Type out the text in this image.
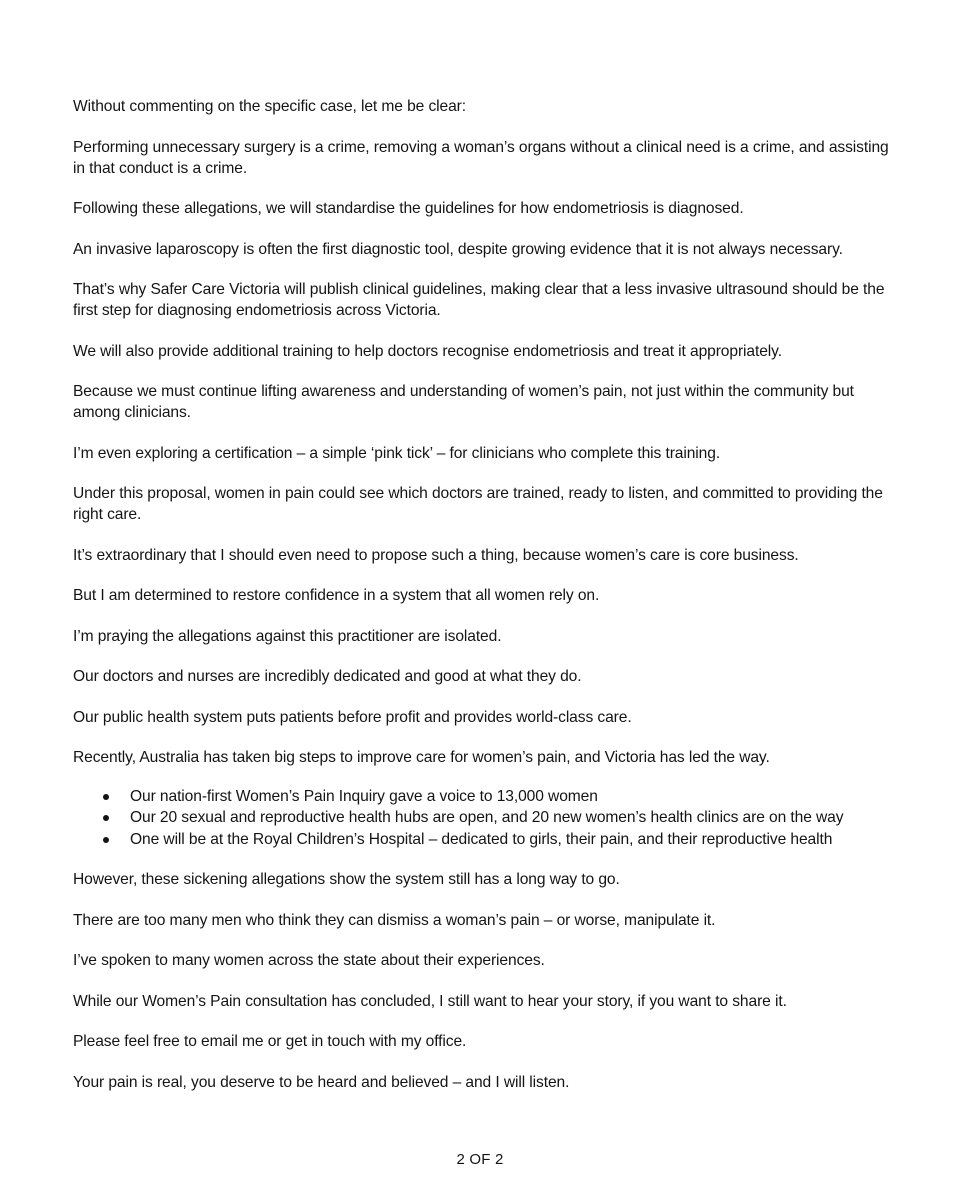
Without commenting on the specific case, let me be clear:

Performing unnecessary surgery is a crime, removing a woman’s organs without a clinical need is a crime, and assisting in that conduct is a crime.

Following these allegations, we will standardise the guidelines for how endometriosis is diagnosed.

An invasive laparoscopy is often the first diagnostic tool, despite growing evidence that it is not always necessary.

That’s why Safer Care Victoria will publish clinical guidelines, making clear that a less invasive ultrasound should be the first step for diagnosing endometriosis across Victoria.

We will also provide additional training to help doctors recognise endometriosis and treat it appropriately.

Because we must continue lifting awareness and understanding of women’s pain, not just within the community but among clinicians.

I’m even exploring a certification – a simple ‘pink tick’ – for clinicians who complete this training.

Under this proposal, women in pain could see which doctors are trained, ready to listen, and committed to providing the right care.

It’s extraordinary that I should even need to propose such a thing, because women’s care is core business.

But I am determined to restore confidence in a system that all women rely on.

I’m praying the allegations against this practitioner are isolated.

Our doctors and nurses are incredibly dedicated and good at what they do.

Our public health system puts patients before profit and provides world-class care.

Recently, Australia has taken big steps to improve care for women’s pain, and Victoria has led the way.

Our nation-first Women’s Pain Inquiry gave a voice to 13,000 women
Our 20 sexual and reproductive health hubs are open, and 20 new women’s health clinics are on the way
One will be at the Royal Children’s Hospital – dedicated to girls, their pain, and their reproductive health

However, these sickening allegations show the system still has a long way to go.

There are too many men who think they can dismiss a woman’s pain – or worse, manipulate it.

I’ve spoken to many women across the state about their experiences.

While our Women’s Pain consultation has concluded, I still want to hear your story, if you want to share it.

Please feel free to email me or get in touch with my office.

Your pain is real, you deserve to be heard and believed – and I will listen.

2 OF 2
